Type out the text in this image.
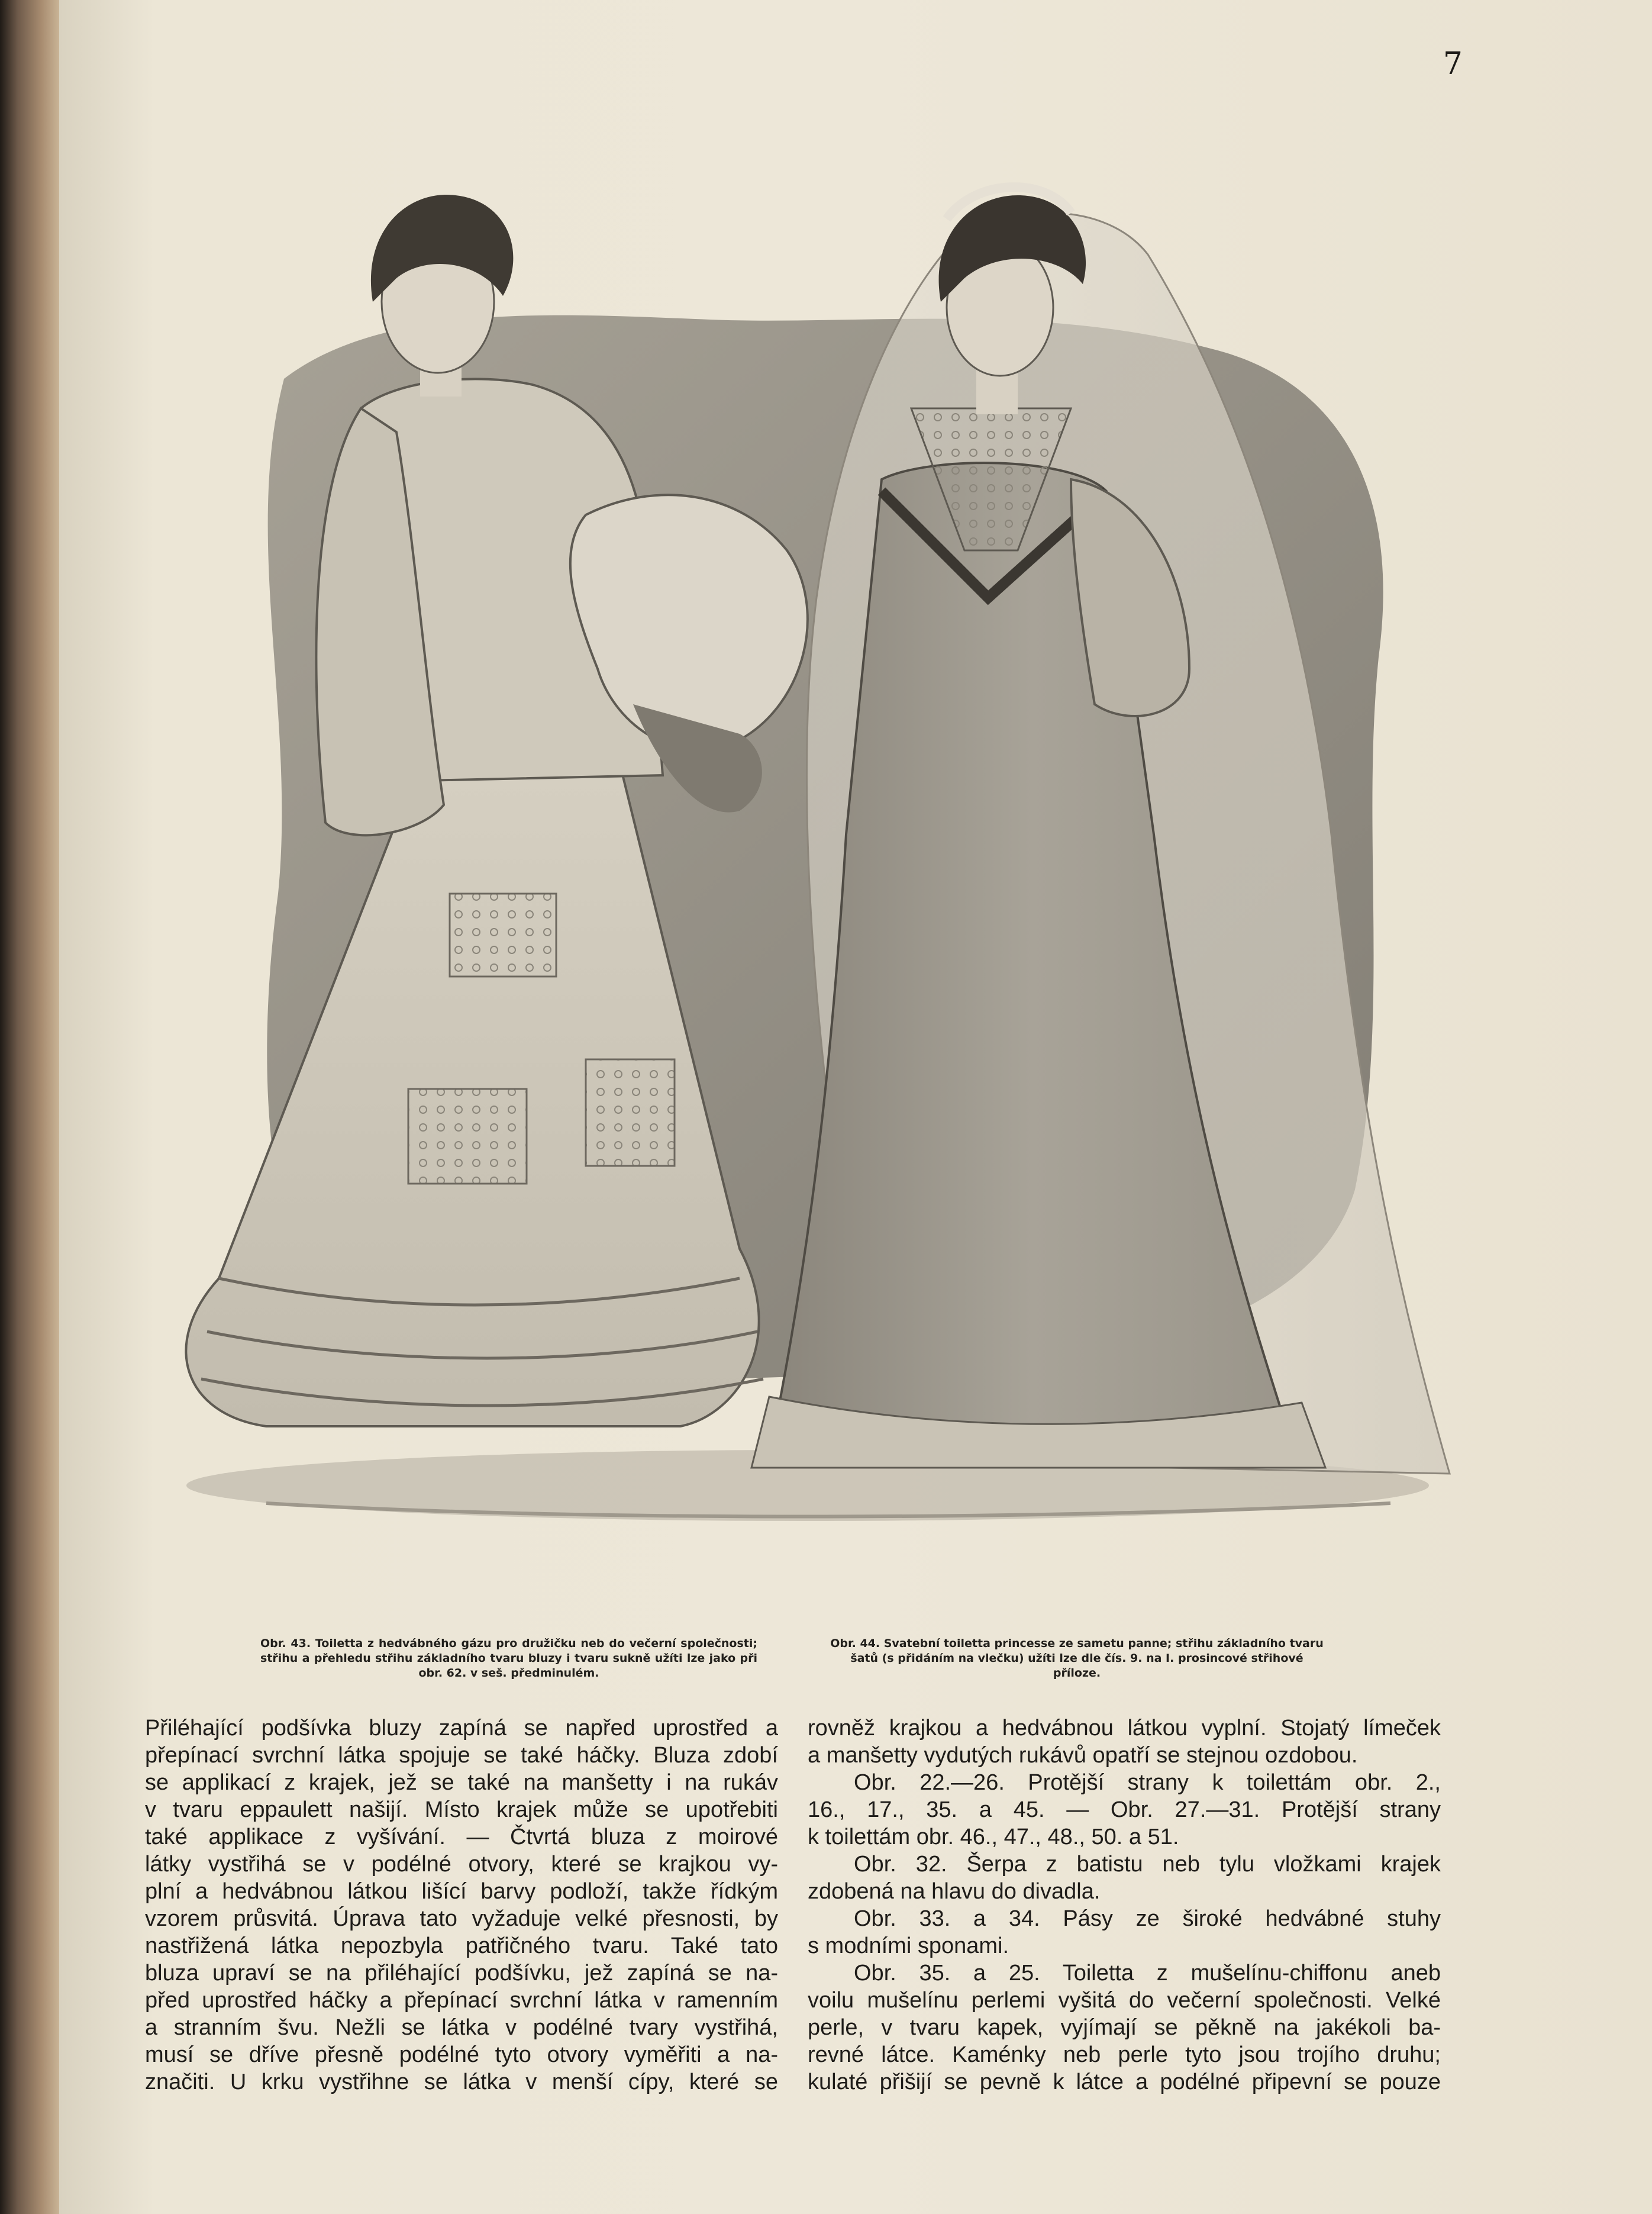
7
Obr. 43. Toiletta z hedvábného gázu pro družičku neb do večerní společnosti; střihu a přehledu střihu základního tvaru bluzy i tvaru sukně užíti lze jako při obr. 62. v seš. předminulém.
Obr. 44. Svatební toiletta princesse ze sametu panne; střihu základního tvaru šatů (s přidáním na vlečku) užíti lze dle čís. 9. na I. prosincové střihové příloze.
Přiléhající podšívka bluzy zapíná se napřed uprostřed a
přepínací svrchní látka spojuje se také háčky. Bluza zdobí
se applikací z krajek, jež se také na manšetty i na rukáv
v tvaru eppaulett našijí. Místo krajek může se upotřebiti
také applikace z vyšívání. — Čtvrtá bluza z moirové
látky vystřihá se v podélné otvory, které se krajkou vy-
plní a hedvábnou látkou lišící barvy podloží, takže řídkým
vzorem průsvitá. Úprava tato vyžaduje velké přesnosti, by
nastřižená látka nepozbyla patřičného tvaru. Také tato
bluza upraví se na přiléhající podšívku, jež zapíná se na-
před uprostřed háčky a přepínací svrchní látka v ramenním
a stranním švu. Nežli se látka v podélné tvary vystřihá,
musí se dříve přesně podélné tyto otvory vyměřiti a na-
značiti. U krku vystřihne se látka v menší cípy, které se
rovněž krajkou a hedvábnou látkou vyplní. Stojatý límeček
a manšetty vydutých rukávů opatří se stejnou ozdobou.
Obr. 22.—26. Protější strany k toilettám obr. 2.,
16., 17., 35. a 45. — Obr. 27.—31. Protější strany
k toilettám obr. 46., 47., 48., 50. a 51.
Obr. 32. Šerpa z batistu neb tylu vložkami krajek
zdobená na hlavu do divadla.
Obr. 33. a 34. Pásy ze široké hedvábné stuhy
s modními sponami.
Obr. 35. a 25. Toiletta z mušelínu-chiffonu aneb
voilu mušelínu perlemi vyšitá do večerní společnosti. Velké
perle, v tvaru kapek, vyjímají se pěkně na jakékoli ba-
revné látce. Kaménky neb perle tyto jsou trojího druhu;
kulaté přišijí se pevně k látce a podélné připevní se pouze
